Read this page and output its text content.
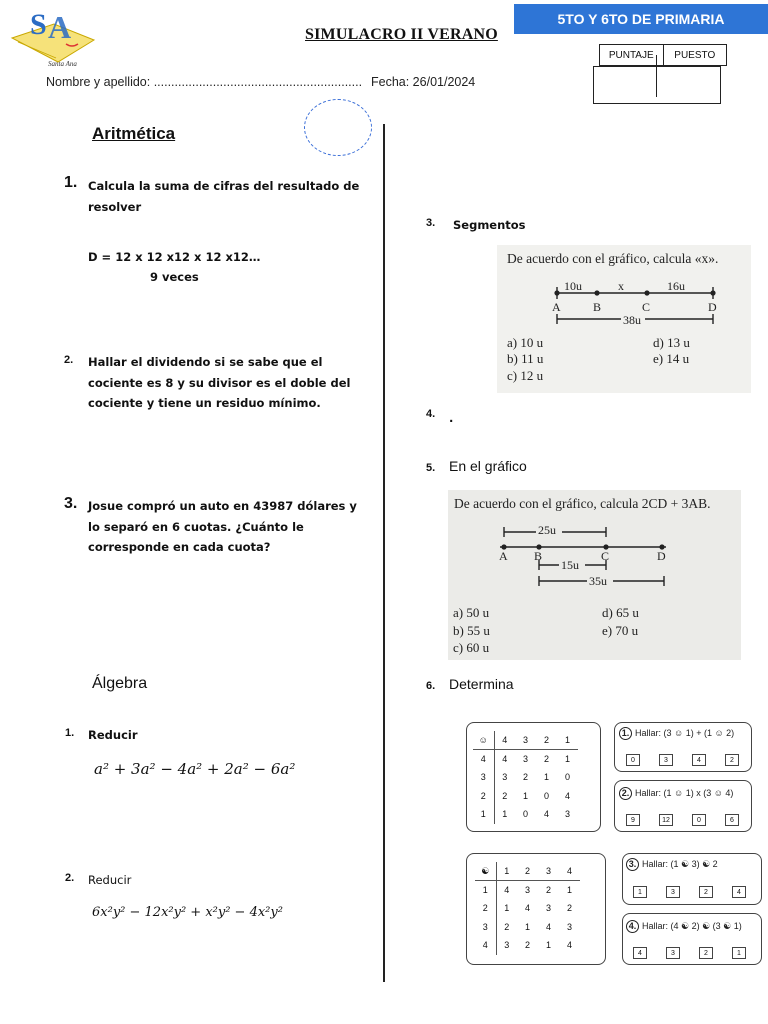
S A
Santa Ana
5TO Y 6TO DE PRIMARIA
SIMULACRO II VERANO
Nombre y apellido: ............................................................ Fecha: 26/01/2024
PUNTAJE	PUESTO
Aritmética
1. Calcula la suma de cifras del resultado de resolver
D = 12 x 12 x12 x 12 x12…
9 veces
2. Hallar el dividendo si se sabe que el cociente es 8 y su divisor es el doble del cociente y tiene un residuo mínimo.
3. Josue compró un auto en 43987 dólares y lo separó en 6 cuotas. ¿Cuánto le corresponde en cada cuota?
Álgebra
1. Reducir
a² + 3a² − 4a² + 2a² − 6a²
2. Reducir
6x²y² − 12x²y² + x²y² − 4x²y²
3. Segmentos
De acuerdo con el gráfico, calcula «x».
10u	x	16u
38u
A	B	C	D
a) 10 u
b) 11 u
c) 12 u
d) 13 u
e) 14 u
4. .
5. En el gráfico
De acuerdo con el gráfico, calcula 2CD + 3AB.
25u
15u
35u
A B	C	D
a) 50 u
b) 55 u
c) 60 u
d) 65 u
e) 70 u
6. Determina
☺	4	3	2	1
4	4	3	2	1
3	3	2	1	0
2	2	1	0	4
1	1	0	4	3
1. Hallar: (3 ☺ 1) + (1 ☺ 2)
0	3	4	2
2. Hallar: (1 ☺ 1) x (3 ☺ 4)
9	12	0	6
☯	1	2	3	4
1	4	3	2	1
2	1	4	3	2
3	2	1	4	3
4	3	2	1	4
3. Hallar: (1 ☯ 3) ☯ 2
1	3	2	4
4. Hallar: (4 ☯ 2) ☯ (3 ☯ 1)
4	3	2	1
